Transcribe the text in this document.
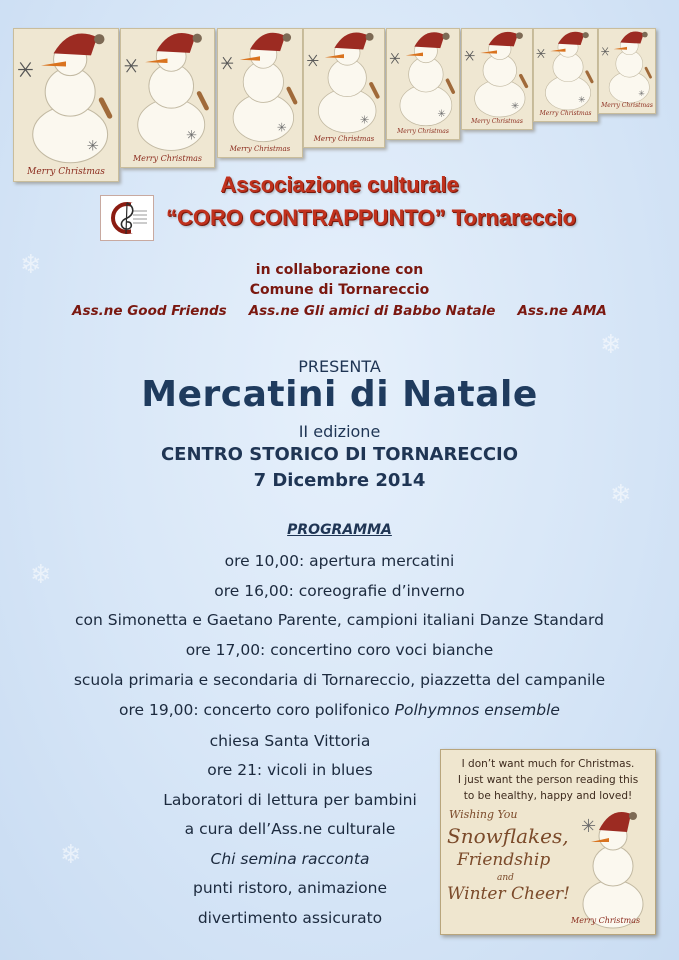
❄
❄
❄
❄
❄
✳
Merry Christmas
✳
Merry Christmas
✳
Merry Christmas
✳
Merry Christmas
✳
Merry Christmas
✳
Merry Christmas
✳
Merry Christmas
✳
Merry Christmas
Associazione culturale
“CORO CONTRAPPUNTO” Tornareccio
in collaborazione con
Comune di Tornareccio
Ass.ne Good Friends Ass.ne Gli amici di Babbo Natale Ass.ne AMA
PRESENTA
Mercatini di Natale
II edizione
CENTRO STORICO DI TORNARECCIO
7 Dicembre 2014
PROGRAMMA
ore 10,00: apertura mercatini
ore 16,00: coreografie d’inverno
con Simonetta e Gaetano Parente, campioni italiani Danze Standard
ore 17,00: concertino coro voci bianche
scuola primaria e secondaria di Tornareccio, piazzetta del campanile
ore 19,00: concerto coro polifonico Polhymnos ensemble
chiesa Santa Vittoria
ore 21: vicoli in blues
Laboratori di lettura per bambini
a cura dell’Ass.ne culturale
Chi semina racconta
punti ristoro, animazione
divertimento assicurato
I don’t want much for Christmas.
I just want the person reading this
to be healthy, happy and loved!
Wishing You
Snowflakes,
Friendship
and
Winter Cheer!
✳
Merry Christmas
